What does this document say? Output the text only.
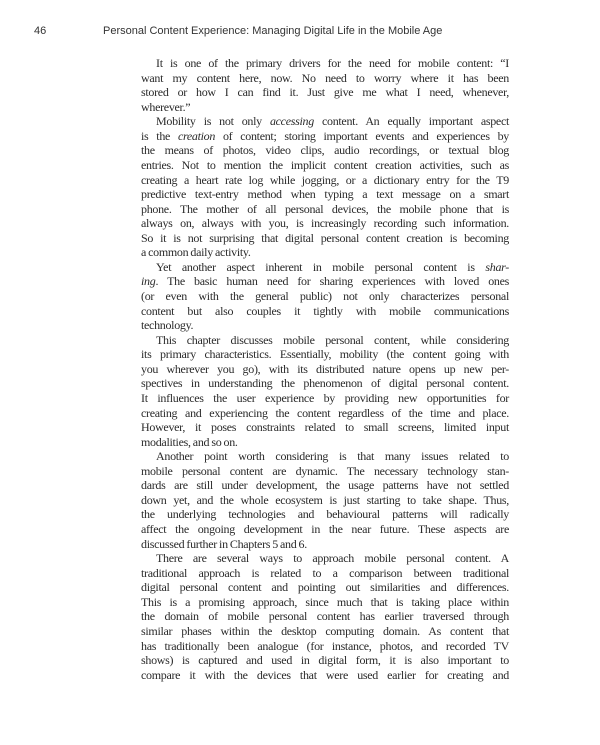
46	Personal Content Experience: Managing Digital Life in the Mobile Age
It is one of the primary drivers for the need for mobile content: “I
want my content here, now. No need to worry where it has been
stored or how I can find it. Just give me what I need, whenever,
wherever.”
Mobility is not only accessing content. An equally important aspect
is the creation of content; storing important events and experiences by
the means of photos, video clips, audio recordings, or textual blog
entries. Not to mention the implicit content creation activities, such as
creating a heart rate log while jogging, or a dictionary entry for the T9
predictive text-entry method when typing a text message on a smart
phone. The mother of all personal devices, the mobile phone that is
always on, always with you, is increasingly recording such information.
So it is not surprising that digital personal content creation is becoming
a common daily activity.
Yet another aspect inherent in mobile personal content is shar-
ing. The basic human need for sharing experiences with loved ones
(or even with the general public) not only characterizes personal
content but also couples it tightly with mobile communications
technology.
This chapter discusses mobile personal content, while considering
its primary characteristics. Essentially, mobility (the content going with
you wherever you go), with its distributed nature opens up new per-
spectives in understanding the phenomenon of digital personal content.
It influences the user experience by providing new opportunities for
creating and experiencing the content regardless of the time and place.
However, it poses constraints related to small screens, limited input
modalities, and so on.
Another point worth considering is that many issues related to
mobile personal content are dynamic. The necessary technology stan-
dards are still under development, the usage patterns have not settled
down yet, and the whole ecosystem is just starting to take shape. Thus,
the underlying technologies and behavioural patterns will radically
affect the ongoing development in the near future. These aspects are
discussed further in Chapters 5 and 6.
There are several ways to approach mobile personal content. A
traditional approach is related to a comparison between traditional
digital personal content and pointing out similarities and differences.
This is a promising approach, since much that is taking place within
the domain of mobile personal content has earlier traversed through
similar phases within the desktop computing domain. As content that
has traditionally been analogue (for instance, photos, and recorded TV
shows) is captured and used in digital form, it is also important to
compare it with the devices that were used earlier for creating and
